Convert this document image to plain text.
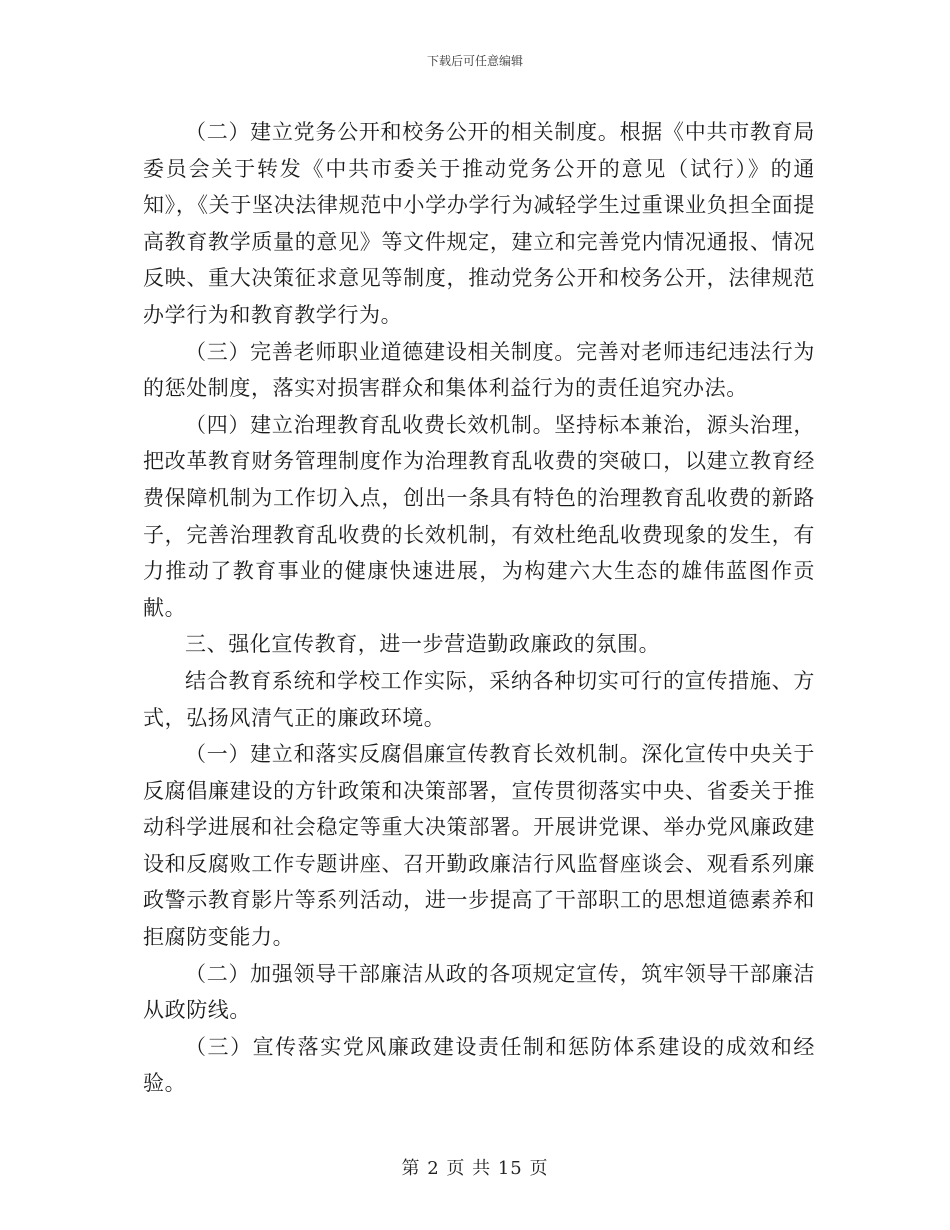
下载后可任意编辑

（二）建立党务公开和校务公开的相关制度。根据《中共市教育局委员会关于转发《中共市委关于推动党务公开的意见（试行）》的通知》，《关于坚决法律规范中小学办学行为减轻学生过重课业负担全面提高教育教学质量的意见》等文件规定，建立和完善党内情况通报、情况反映、重大决策征求意见等制度，推动党务公开和校务公开，法律规范办学行为和教育教学行为。

（三）完善老师职业道德建设相关制度。完善对老师违纪违法行为的惩处制度，落实对损害群众和集体利益行为的责任追究办法。

（四）建立治理教育乱收费长效机制。坚持标本兼治，源头治理，把改革教育财务管理制度作为治理教育乱收费的突破口，以建立教育经费保障机制为工作切入点，创出一条具有特色的治理教育乱收费的新路子，完善治理教育乱收费的长效机制，有效杜绝乱收费现象的发生，有力推动了教育事业的健康快速进展，为构建六大生态的雄伟蓝图作贡献。

三、强化宣传教育，进一步营造勤政廉政的氛围。

结合教育系统和学校工作实际，采纳各种切实可行的宣传措施、方式，弘扬风清气正的廉政环境。

（一）建立和落实反腐倡廉宣传教育长效机制。深化宣传中央关于反腐倡廉建设的方针政策和决策部署，宣传贯彻落实中央、省委关于推动科学进展和社会稳定等重大决策部署。开展讲党课、举办党风廉政建设和反腐败工作专题讲座、召开勤政廉洁行风监督座谈会、观看系列廉政警示教育影片等系列活动，进一步提高了干部职工的思想道德素养和拒腐防变能力。

（二）加强领导干部廉洁从政的各项规定宣传，筑牢领导干部廉洁从政防线。

（三）宣传落实党风廉政建设责任制和惩防体系建设的成效和经验。

第 2 页 共 15 页
